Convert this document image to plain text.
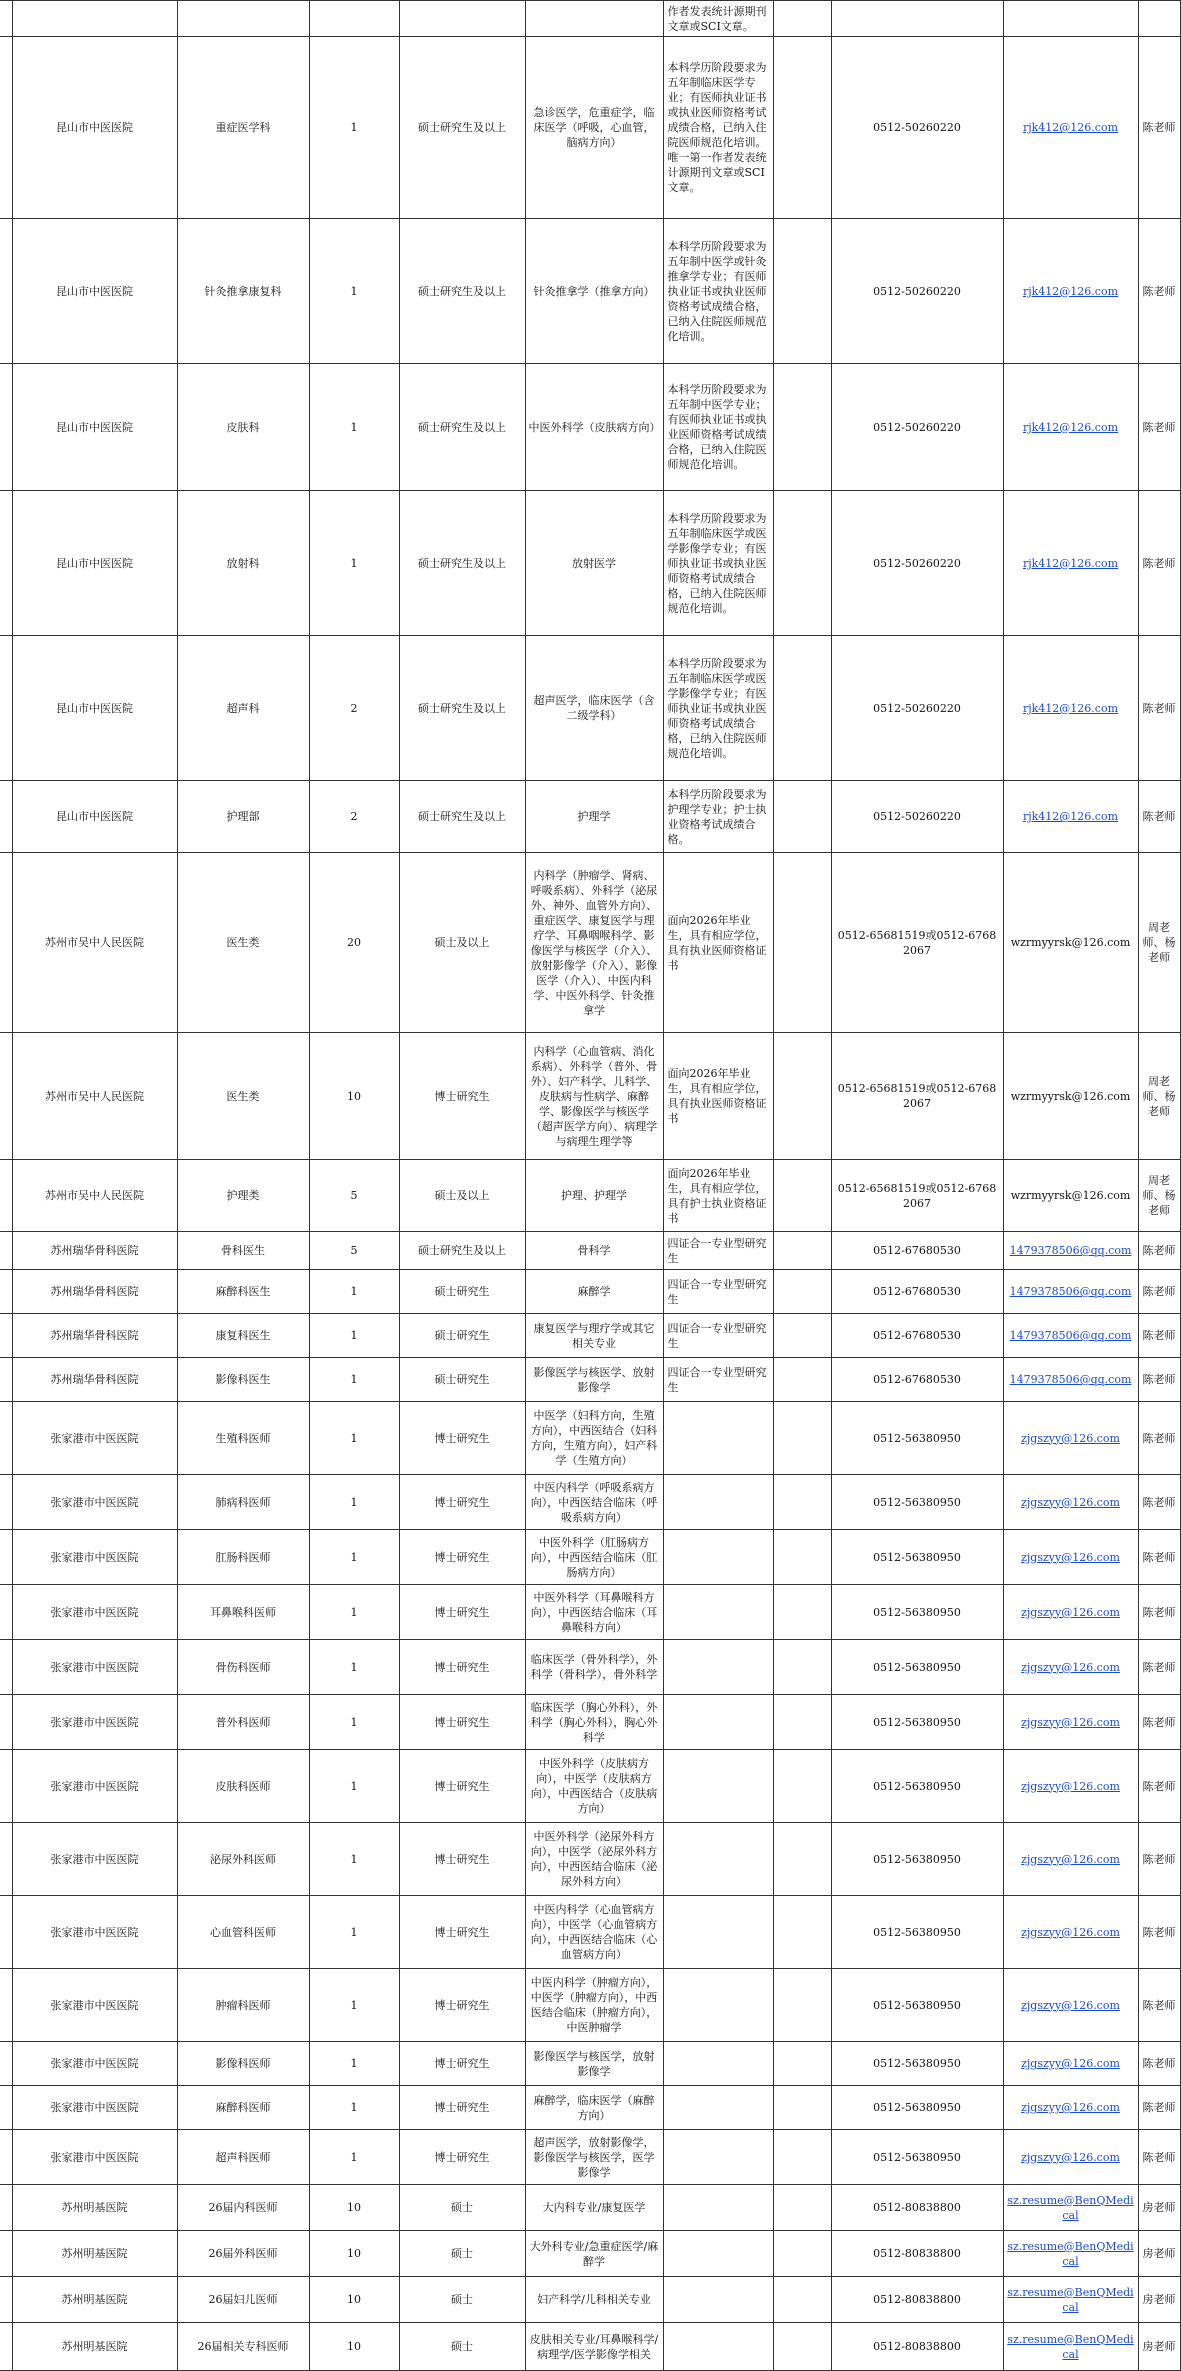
						作者发表统计源期刊文章或SCI文章。				
	昆山市中医医院	重症医学科	1	硕士研究生及以上	急诊医学，危重症学，临床医学（呼吸，心血管，脑病方向）	本科学历阶段要求为五年制临床医学专业；有医师执业证书或执业医师资格考试成绩合格，已纳入住院医师规范化培训。唯一第一作者发表统计源期刊文章或SCI文章。		0512-50260220	rjk412@126.com	陈老师
	昆山市中医医院	针灸推拿康复科	1	硕士研究生及以上	针灸推拿学（推拿方向）	本科学历阶段要求为五年制中医学或针灸推拿学专业；有医师执业证书或执业医师资格考试成绩合格，已纳入住院医师规范化培训。		0512-50260220	rjk412@126.com	陈老师
	昆山市中医医院	皮肤科	1	硕士研究生及以上	中医外科学（皮肤病方向）	本科学历阶段要求为五年制中医学专业；有医师执业证书或执业医师资格考试成绩合格，已纳入住院医师规范化培训。		0512-50260220	rjk412@126.com	陈老师
	昆山市中医医院	放射科	1	硕士研究生及以上	放射医学	本科学历阶段要求为五年制临床医学或医学影像学专业；有医师执业证书或执业医师资格考试成绩合格，已纳入住院医师规范化培训。		0512-50260220	rjk412@126.com	陈老师
	昆山市中医医院	超声科	2	硕士研究生及以上	超声医学，临床医学（含二级学科）	本科学历阶段要求为五年制临床医学或医学影像学专业；有医师执业证书或执业医师资格考试成绩合格，已纳入住院医师规范化培训。		0512-50260220	rjk412@126.com	陈老师
	昆山市中医医院	护理部	2	硕士研究生及以上	护理学	本科学历阶段要求为护理学专业；护士执业资格考试成绩合格。		0512-50260220	rjk412@126.com	陈老师
	苏州市吴中人民医院	医生类	20	硕士及以上	内科学（肿瘤学、肾病、呼吸系病）、外科学（泌尿外、神外、血管外方向）、重症医学、康复医学与理疗学、耳鼻咽喉科学、影像医学与核医学（介入）、放射影像学（介入）、影像医学（介入）、中医内科学、中医外科学、针灸推拿学	面向2026年毕业生，具有相应学位，具有执业医师资格证书		0512-65681519或0512-67682067	wzrmyyrsk@126.com	周老师、杨老师
	苏州市吴中人民医院	医生类	10	博士研究生	内科学（心血管病、消化系病）、外科学（普外、骨外）、妇产科学、儿科学、皮肤病与性病学、麻醉学、影像医学与核医学（超声医学方向）、病理学与病理生理学等	面向2026年毕业生，具有相应学位，具有执业医师资格证书		0512-65681519或0512-67682067	wzrmyyrsk@126.com	周老师、杨老师
	苏州市吴中人民医院	护理类	5	硕士及以上	护理、护理学	面向2026年毕业生，具有相应学位，具有护士执业资格证书		0512-65681519或0512-67682067	wzrmyyrsk@126.com	周老师、杨老师
	苏州瑞华骨科医院	骨科医生	5	硕士研究生及以上	骨科学	四证合一专业型研究生		0512-67680530	1479378506@qq.com	陈老师
	苏州瑞华骨科医院	麻醉科医生	1	硕士研究生	麻醉学	四证合一专业型研究生		0512-67680530	1479378506@qq.com	陈老师
	苏州瑞华骨科医院	康复科医生	1	硕士研究生	康复医学与理疗学或其它相关专业	四证合一专业型研究生		0512-67680530	1479378506@qq.com	陈老师
	苏州瑞华骨科医院	影像科医生	1	硕士研究生	影像医学与核医学、放射影像学	四证合一专业型研究生		0512-67680530	1479378506@qq.com	陈老师
	张家港市中医医院	生殖科医师	1	博士研究生	中医学（妇科方向，生殖方向），中西医结合（妇科方向，生殖方向），妇产科学（生殖方向）			0512-56380950	zjgszyy@126.com	陈老师
	张家港市中医医院	肺病科医师	1	博士研究生	中医内科学（呼吸系病方向），中西医结合临床（呼吸系病方向）			0512-56380950	zjgszyy@126.com	陈老师
	张家港市中医医院	肛肠科医师	1	博士研究生	中医外科学（肛肠病方向），中西医结合临床（肛肠病方向）			0512-56380950	zjgszyy@126.com	陈老师
	张家港市中医医院	耳鼻喉科医师	1	博士研究生	中医外科学（耳鼻喉科方向），中西医结合临床（耳鼻喉科方向）			0512-56380950	zjgszyy@126.com	陈老师
	张家港市中医医院	骨伤科医师	1	博士研究生	临床医学（骨外科学），外科学（骨科学），骨外科学			0512-56380950	zjgszyy@126.com	陈老师
	张家港市中医医院	普外科医师	1	博士研究生	临床医学（胸心外科），外科学（胸心外科），胸心外科学			0512-56380950	zjgszyy@126.com	陈老师
	张家港市中医医院	皮肤科医师	1	博士研究生	中医外科学（皮肤病方向），中医学（皮肤病方向），中西医结合（皮肤病方向）			0512-56380950	zjgszyy@126.com	陈老师
	张家港市中医医院	泌尿外科医师	1	博士研究生	中医外科学（泌尿外科方向），中医学（泌尿外科方向），中西医结合临床（泌尿外科方向）			0512-56380950	zjgszyy@126.com	陈老师
	张家港市中医医院	心血管科医师	1	博士研究生	中医内科学（心血管病方向），中医学（心血管病方向），中西医结合临床（心血管病方向）			0512-56380950	zjgszyy@126.com	陈老师
	张家港市中医医院	肿瘤科医师	1	博士研究生	中医内科学（肿瘤方向），中医学（肿瘤方向），中西医结合临床（肿瘤方向），中医肿瘤学			0512-56380950	zjgszyy@126.com	陈老师
	张家港市中医医院	影像科医师	1	博士研究生	影像医学与核医学，放射影像学			0512-56380950	zjgszyy@126.com	陈老师
	张家港市中医医院	麻醉科医师	1	博士研究生	麻醉学，临床医学（麻醉方向）			0512-56380950	zjgszyy@126.com	陈老师
	张家港市中医医院	超声科医师	1	博士研究生	超声医学，放射影像学，影像医学与核医学，医学影像学			0512-56380950	zjgszyy@126.com	陈老师
	苏州明基医院	26届内科医师	10	硕士	大内科专业/康复医学			0512-80838800	sz.resume@BenQMedical	房老师
	苏州明基医院	26届外科医师	10	硕士	大外科专业/急重症医学/麻醉学			0512-80838800	sz.resume@BenQMedical	房老师
	苏州明基医院	26届妇儿医师	10	硕士	妇产科学/儿科相关专业			0512-80838800	sz.resume@BenQMedical	房老师
	苏州明基医院	26届相关专科医师	10	硕士	皮肤相关专业/耳鼻喉科学/病理学/医学影像学相关			0512-80838800	sz.resume@BenQMedical	房老师
